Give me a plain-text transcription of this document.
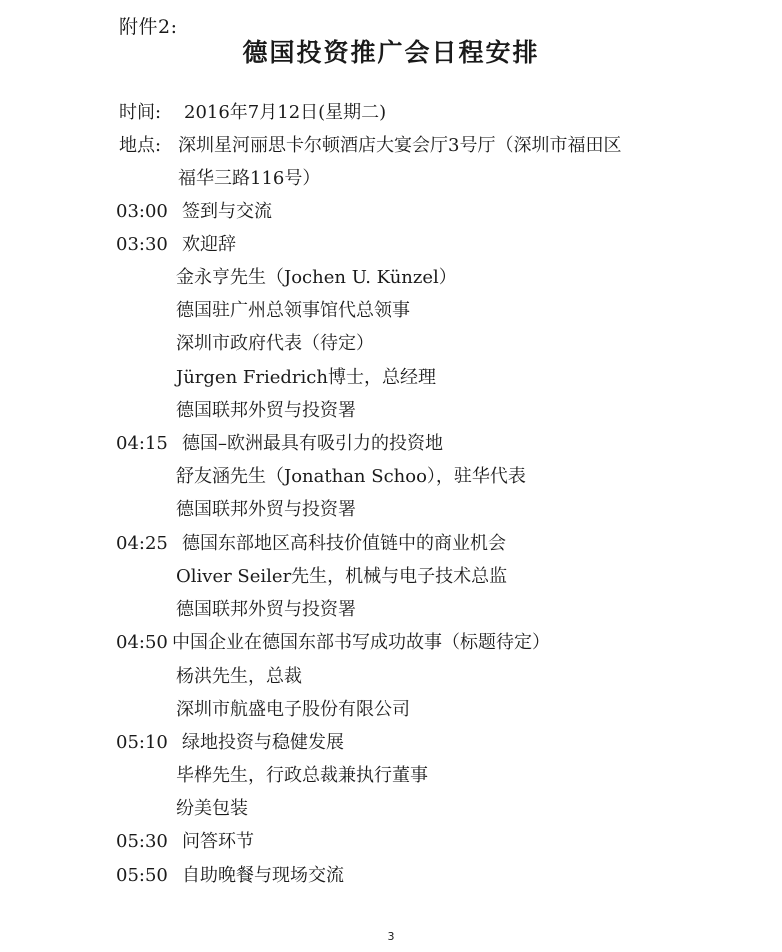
附件2:
德国投资推广会日程安排
时间: 2016年7月12日(星期二)
地点: 深圳星河丽思卡尔顿酒店大宴会厅3号厅（深圳市福田区
福华三路116号）
03:00 签到与交流
03:30 欢迎辞
金永亨先生（Jochen U. Künzel）
德国驻广州总领事馆代总领事
深圳市政府代表（待定）
Jürgen Friedrich博士，总经理
德国联邦外贸与投资署
04:15 德国–欧洲最具有吸引力的投资地
舒友涵先生（Jonathan Schoo），驻华代表
德国联邦外贸与投资署
04:25 德国东部地区高科技价值链中的商业机会
Oliver Seiler先生，机械与电子技术总监
德国联邦外贸与投资署
04:50 中国企业在德国东部书写成功故事（标题待定）
杨洪先生，总裁
深圳市航盛电子股份有限公司
05:10 绿地投资与稳健发展
毕桦先生，行政总裁兼执行董事
纷美包装
05:30 问答环节
05:50 自助晚餐与现场交流
3
